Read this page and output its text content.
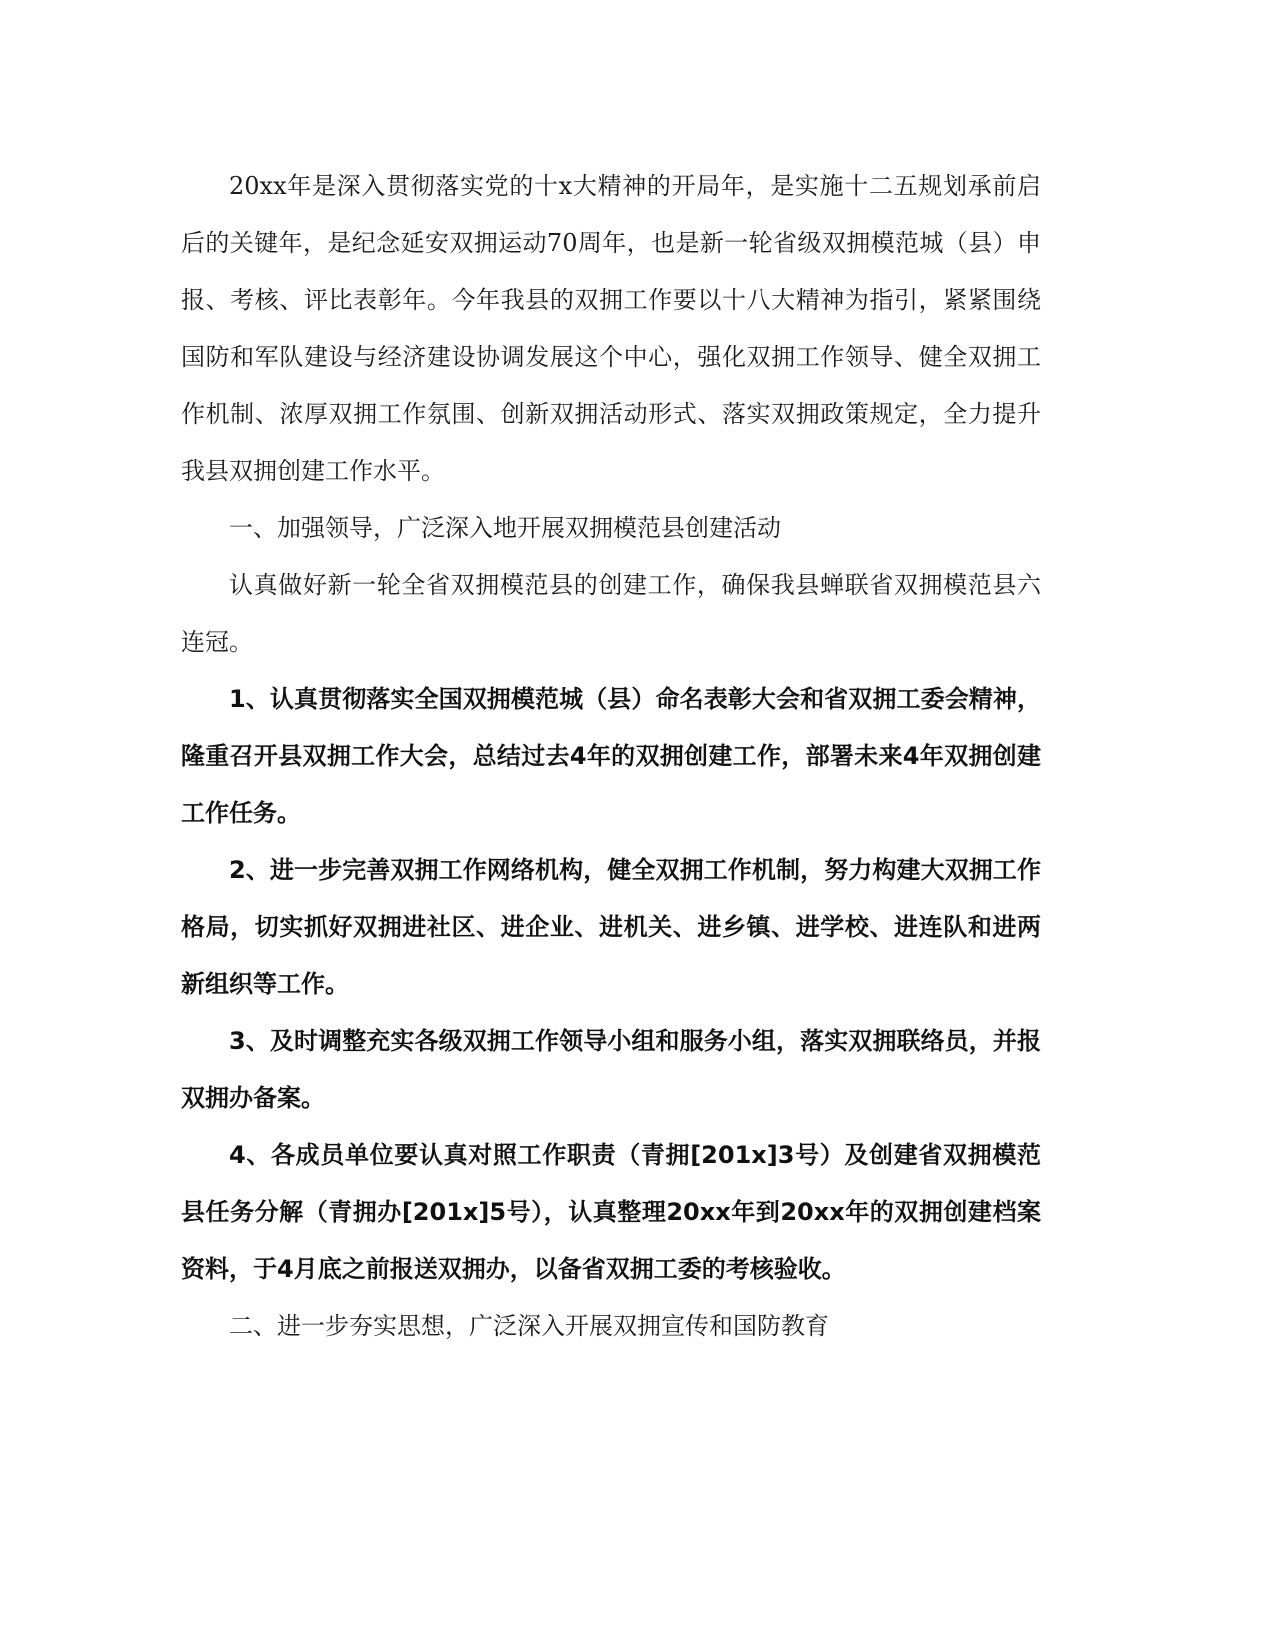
20xx年是深入贯彻落实党的十x大精神的开局年，是实施十二五规划承前启后的关键年，是纪念延安双拥运动70周年，也是新一轮省级双拥模范城（县）申报、考核、评比表彰年。今年我县的双拥工作要以十八大精神为指引，紧紧围绕国防和军队建设与经济建设协调发展这个中心，强化双拥工作领导、健全双拥工作机制、浓厚双拥工作氛围、创新双拥活动形式、落实双拥政策规定，全力提升我县双拥创建工作水平。

一、加强领导，广泛深入地开展双拥模范县创建活动

认真做好新一轮全省双拥模范县的创建工作，确保我县蝉联省双拥模范县六连冠。

1、认真贯彻落实全国双拥模范城（县）命名表彰大会和省双拥工委会精神，隆重召开县双拥工作大会，总结过去4年的双拥创建工作，部署未来4年双拥创建工作任务。

2、进一步完善双拥工作网络机构，健全双拥工作机制，努力构建大双拥工作格局，切实抓好双拥进社区、进企业、进机关、进乡镇、进学校、进连队和进两新组织等工作。

3、及时调整充实各级双拥工作领导小组和服务小组，落实双拥联络员，并报双拥办备案。

4、各成员单位要认真对照工作职责（青拥[201x]3号）及创建省双拥模范县任务分解（青拥办[201x]5号），认真整理20xx年到20xx年的双拥创建档案资料，于4月底之前报送双拥办，以备省双拥工委的考核验收。

二、进一步夯实思想，广泛深入开展双拥宣传和国防教育
